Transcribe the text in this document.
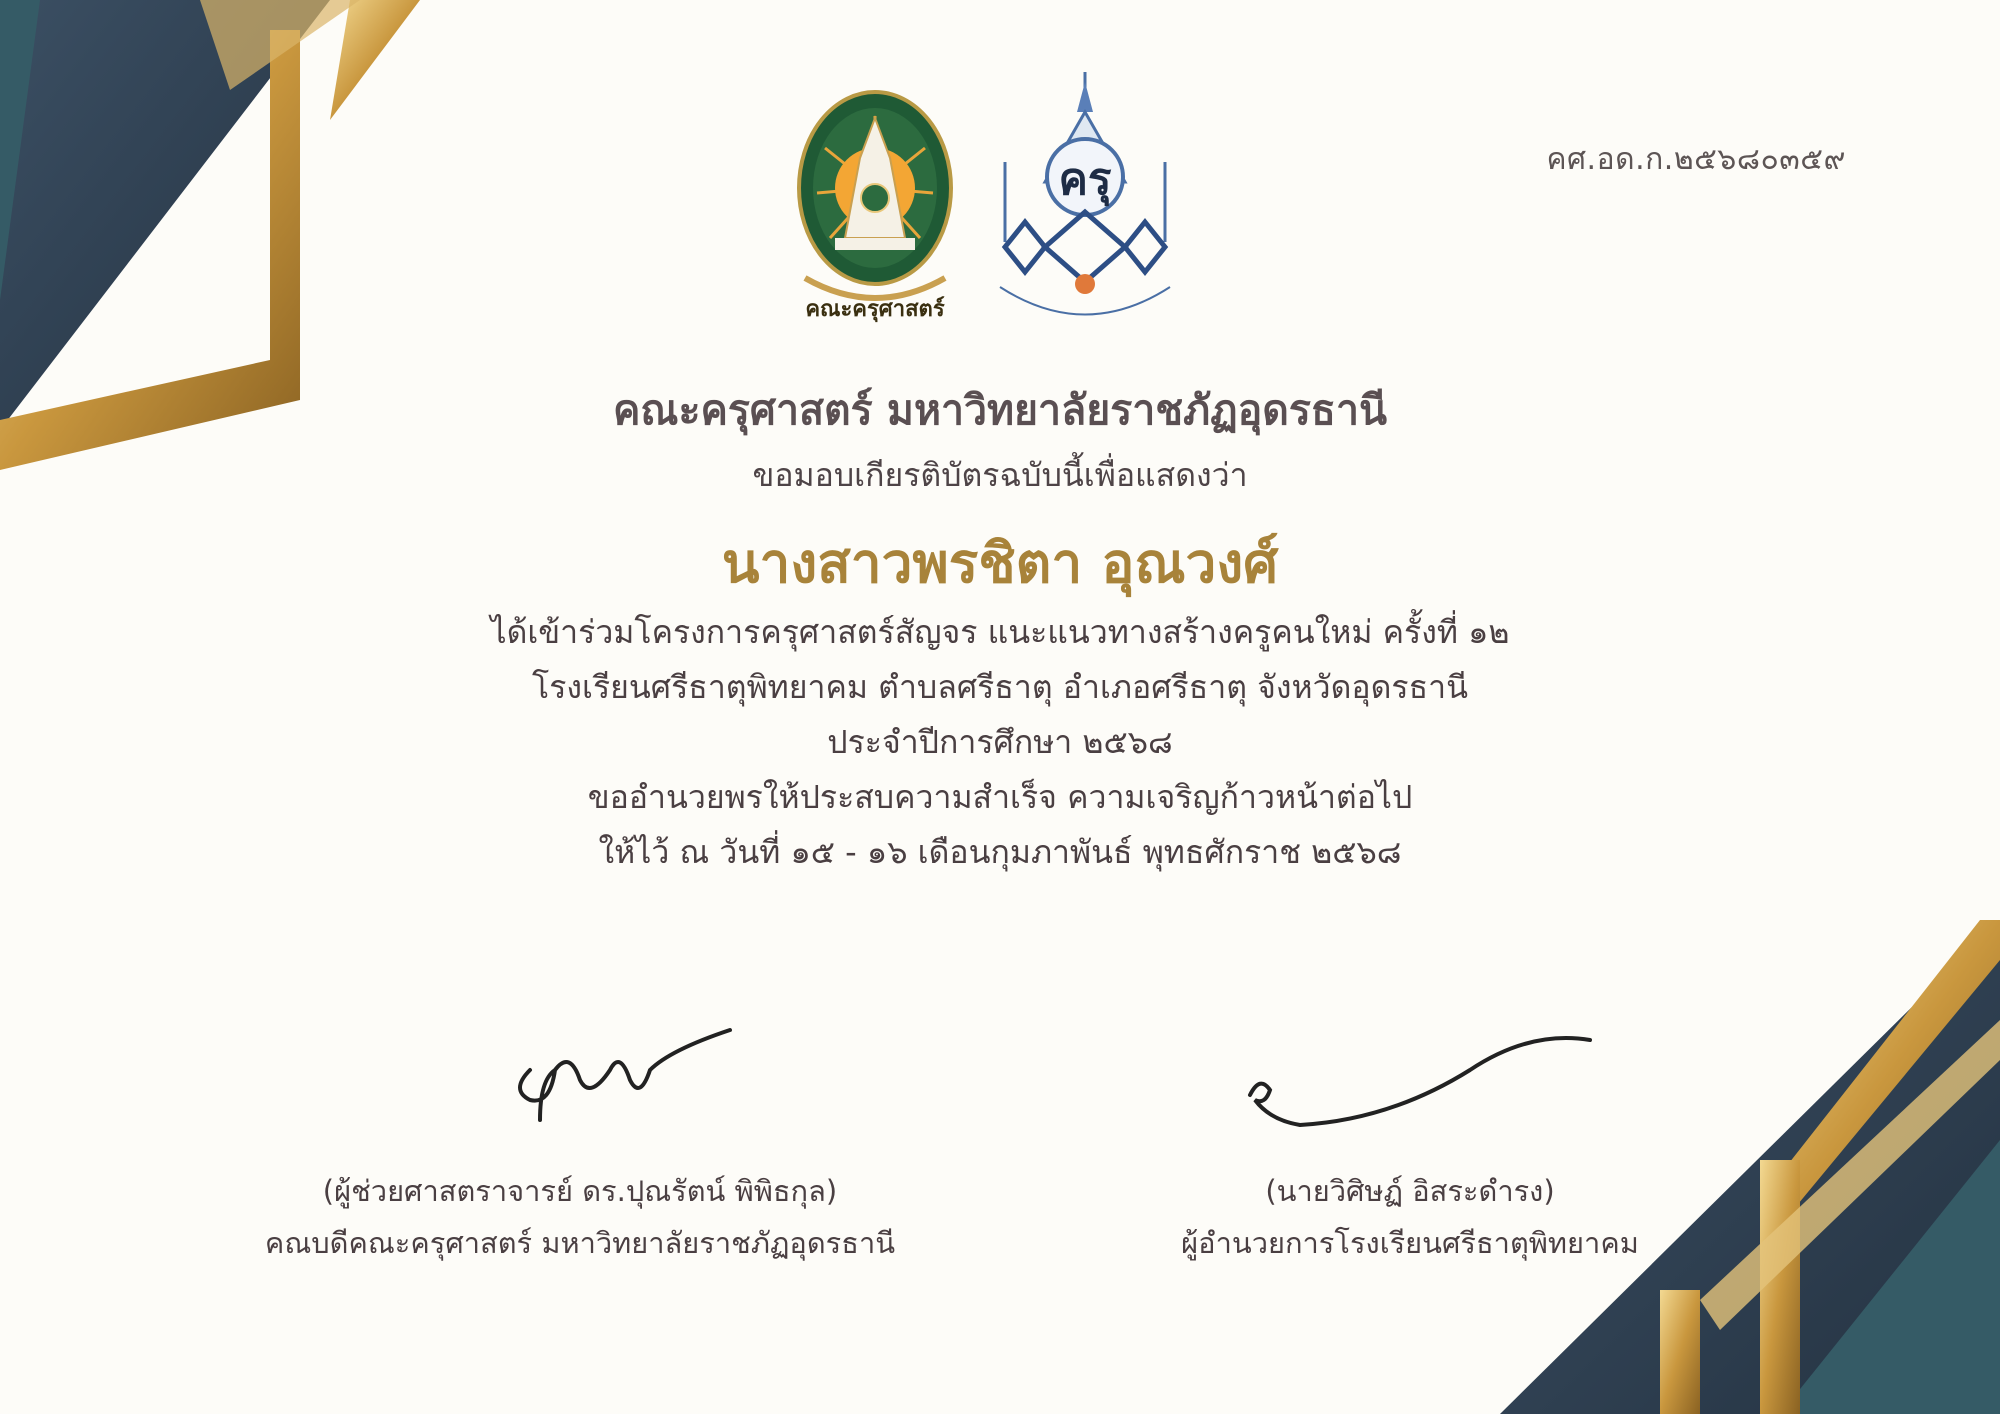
คศ.อด.ก.๒๕๖๘๐๓๕๙
คณะครุศาสตร์
ครุ
คณะครุศาสตร์ มหาวิทยาลัยราชภัฏอุดรธานี
ขอมอบเกียรติบัตรฉบับนี้เพื่อแสดงว่า
นางสาวพรชิตา อุณวงศ์
ได้เข้าร่วมโครงการครุศาสตร์สัญจร แนะแนวทางสร้างครูคนใหม่ ครั้งที่ ๑๒
โรงเรียนศรีธาตุพิทยาคม ตำบลศรีธาตุ อำเภอศรีธาตุ จังหวัดอุดรธานี
ประจำปีการศึกษา ๒๕๖๘
ขออำนวยพรให้ประสบความสำเร็จ ความเจริญก้าวหน้าต่อไป
ให้ไว้ ณ วันที่ ๑๕ - ๑๖ เดือนกุมภาพันธ์ พุทธศักราช ๒๕๖๘
(ผู้ช่วยศาสตราจารย์ ดร.ปุณรัตน์ พิพิธกุล)
คณบดีคณะครุศาสตร์ มหาวิทยาลัยราชภัฏอุดรธานี
(นายวิศิษฏ์ อิสระดำรง)
ผู้อำนวยการโรงเรียนศรีธาตุพิทยาคม
